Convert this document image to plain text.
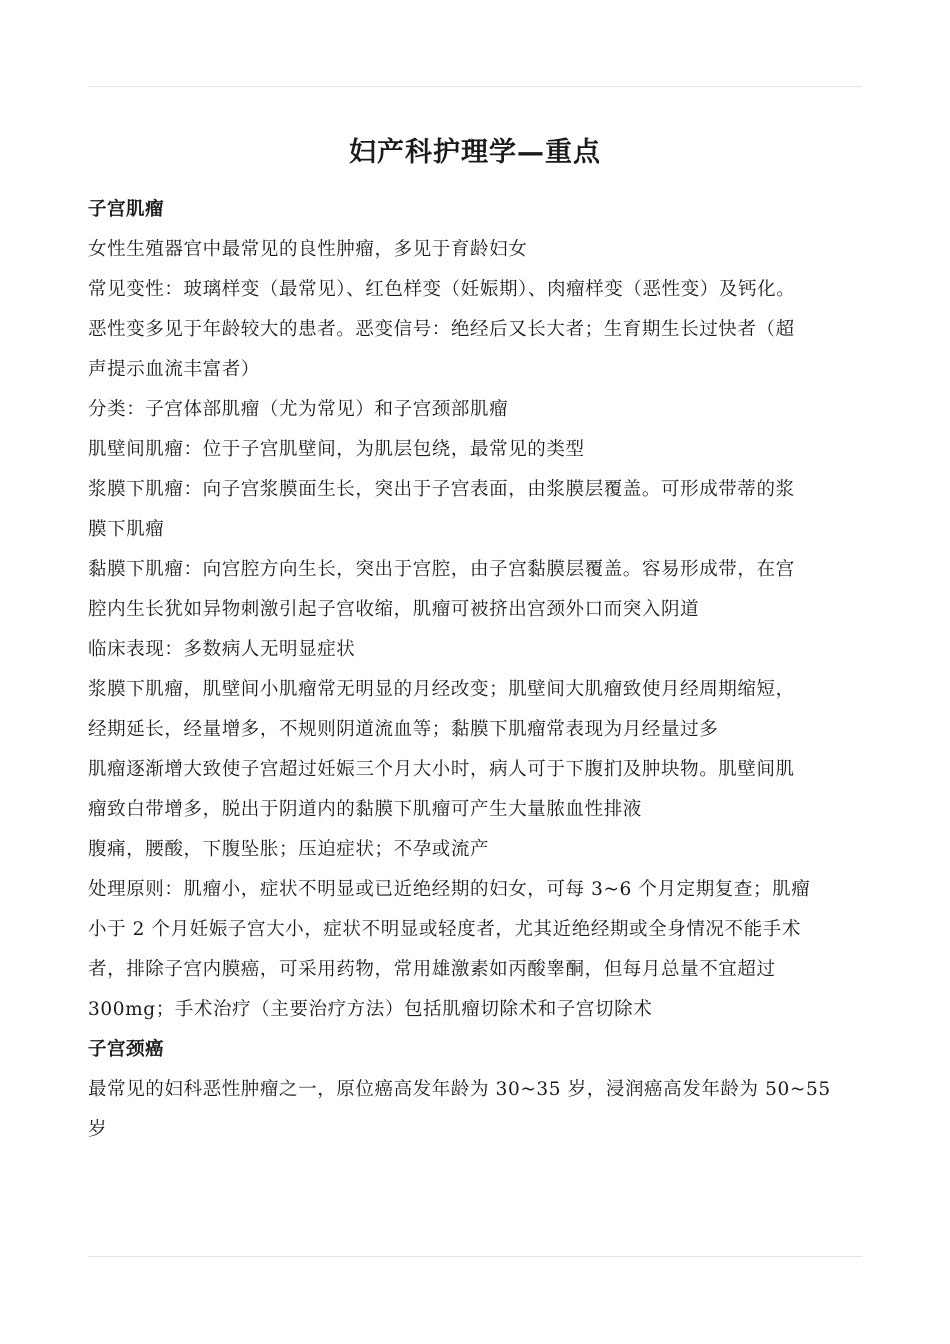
妇产科护理学—重点
子宫肌瘤
女性生殖器官中最常见的良性肿瘤，多见于育龄妇女
常见变性：玻璃样变（最常见）、红色样变（妊娠期）、肉瘤样变（恶性变）及钙化。
恶性变多见于年龄较大的患者。恶变信号：绝经后又长大者；生育期生长过快者（超
声提示血流丰富者）
分类：子宫体部肌瘤（尤为常见）和子宫颈部肌瘤
肌壁间肌瘤：位于子宫肌壁间，为肌层包绕，最常见的类型
浆膜下肌瘤：向子宫浆膜面生长，突出于子宫表面，由浆膜层覆盖。可形成带蒂的浆
膜下肌瘤
黏膜下肌瘤：向宫腔方向生长，突出于宫腔，由子宫黏膜层覆盖。容易形成带，在宫
腔内生长犹如异物刺激引起子宫收缩，肌瘤可被挤出宫颈外口而突入阴道
临床表现：多数病人无明显症状
浆膜下肌瘤，肌壁间小肌瘤常无明显的月经改变；肌壁间大肌瘤致使月经周期缩短，
经期延长，经量增多，不规则阴道流血等；黏膜下肌瘤常表现为月经量过多
肌瘤逐渐增大致使子宫超过妊娠三个月大小时，病人可于下腹扪及肿块物。肌壁间肌
瘤致白带增多，脱出于阴道内的黏膜下肌瘤可产生大量脓血性排液
腹痛，腰酸，下腹坠胀；压迫症状；不孕或流产
处理原则：肌瘤小，症状不明显或已近绝经期的妇女，可每 3~6 个月定期复查；肌瘤
小于 2 个月妊娠子宫大小，症状不明显或轻度者，尤其近绝经期或全身情况不能手术
者，排除子宫内膜癌，可采用药物，常用雄激素如丙酸睾酮，但每月总量不宜超过
300mg；手术治疗（主要治疗方法）包括肌瘤切除术和子宫切除术
子宫颈癌
最常见的妇科恶性肿瘤之一，原位癌高发年龄为 30~35 岁，浸润癌高发年龄为 50~55
岁
